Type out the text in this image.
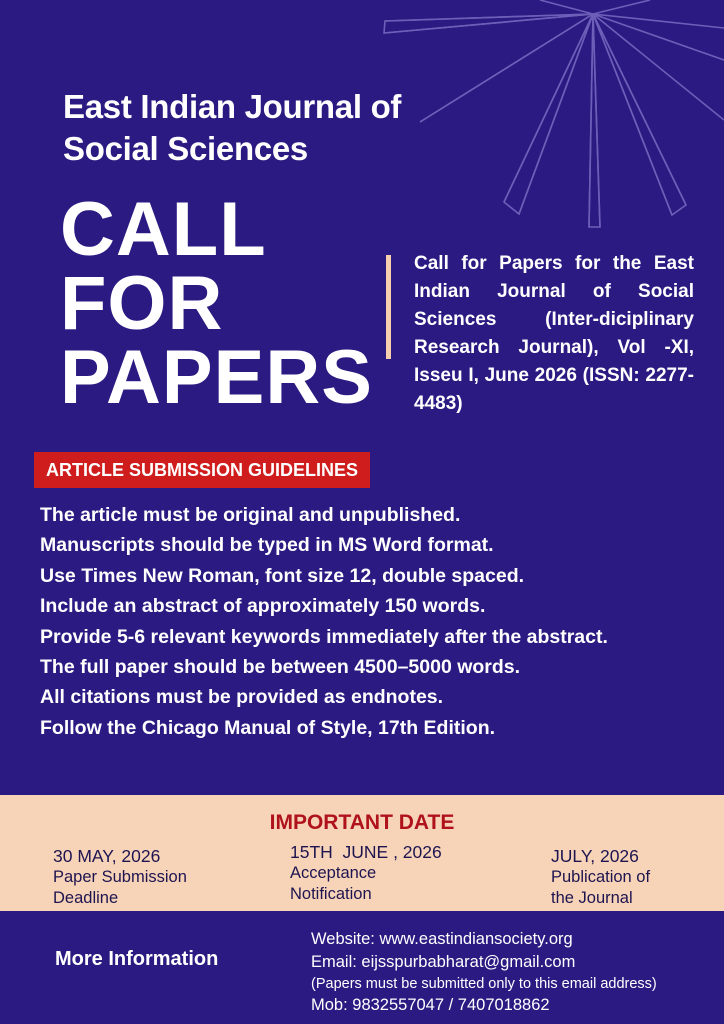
East Indian Journal of
Social Sciences
CALL
FOR
PAPERS
Call for Papers for the East Indian Journal of Social Sciences (Inter-diciplinary Research Journal), Vol -XI, Isseu I, June 2026 (ISSN: 2277-4483)
ARTICLE SUBMISSION GUIDELINES
The article must be original and unpublished.
Manuscripts should be typed in MS Word format.
Use Times New Roman, font size 12, double spaced.
Include an abstract of approximately 150 words.
Provide 5-6 relevant keywords immediately after the abstract.
The full paper should be between 4500–5000 words.
All citations must be provided as endnotes.
Follow the Chicago Manual of Style, 17th Edition.
IMPORTANT DATE
30 MAY, 2026
Paper Submission
Deadline
15TH  JUNE , 2026
Acceptance
Notification
JULY, 2026
Publication of
the Journal
More Information
Website: www.eastindiansociety.org
Email: eijsspurbabharat@gmail.com
(Papers must be submitted only to this email address)
Mob: 9832557047 / 7407018862
